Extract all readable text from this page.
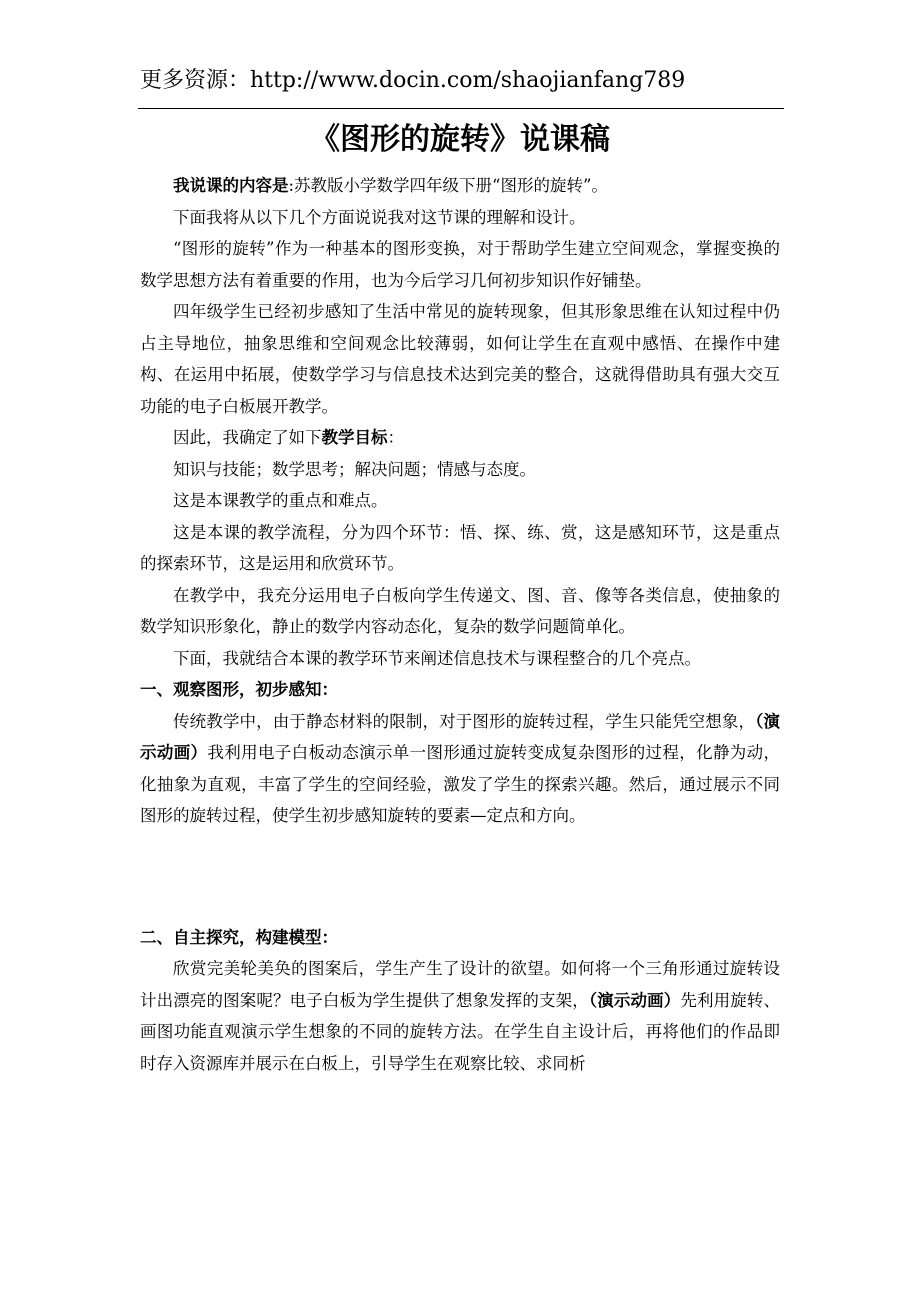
更多资源：http://www.docin.com/shaojianfang789
《图形的旋转》说课稿

我说课的内容是:苏教版小学数学四年级下册“图形的旋转”。

下面我将从以下几个方面说说我对这节课的理解和设计。

“图形的旋转”作为一种基本的图形变换，对于帮助学生建立空间观念，掌握变换的数学思想方法有着重要的作用，也为今后学习几何初步知识作好铺垫。

四年级学生已经初步感知了生活中常见的旋转现象，但其形象思维在认知过程中仍占主导地位，抽象思维和空间观念比较薄弱，如何让学生在直观中感悟、在操作中建构、在运用中拓展，使数学学习与信息技术达到完美的整合，这就得借助具有强大交互功能的电子白板展开教学。

因此，我确定了如下教学目标：

知识与技能；数学思考；解决问题；情感与态度。

这是本课教学的重点和难点。

这是本课的教学流程，分为四个环节：悟、探、练、赏，这是感知环节，这是重点的探索环节，这是运用和欣赏环节。

在教学中，我充分运用电子白板向学生传递文、图、音、像等各类信息，使抽象的数学知识形象化，静止的数学内容动态化，复杂的数学问题简单化。

下面，我就结合本课的教学环节来阐述信息技术与课程整合的几个亮点。

一、观察图形，初步感知：

传统教学中，由于静态材料的限制，对于图形的旋转过程，学生只能凭空想象，（演示动画）我利用电子白板动态演示单一图形通过旋转变成复杂图形的过程，化静为动，化抽象为直观，丰富了学生的空间经验，激发了学生的探索兴趣。然后，通过展示不同图形的旋转过程，使学生初步感知旋转的要素—定点和方向。

二、自主探究，构建模型：

欣赏完美轮美奂的图案后，学生产生了设计的欲望。如何将一个三角形通过旋转设计出漂亮的图案呢？电子白板为学生提供了想象发挥的支架，（演示动画）先利用旋转、画图功能直观演示学生想象的不同的旋转方法。在学生自主设计后，再将他们的作品即时存入资源库并展示在白板上，引导学生在观察比较、求同析
